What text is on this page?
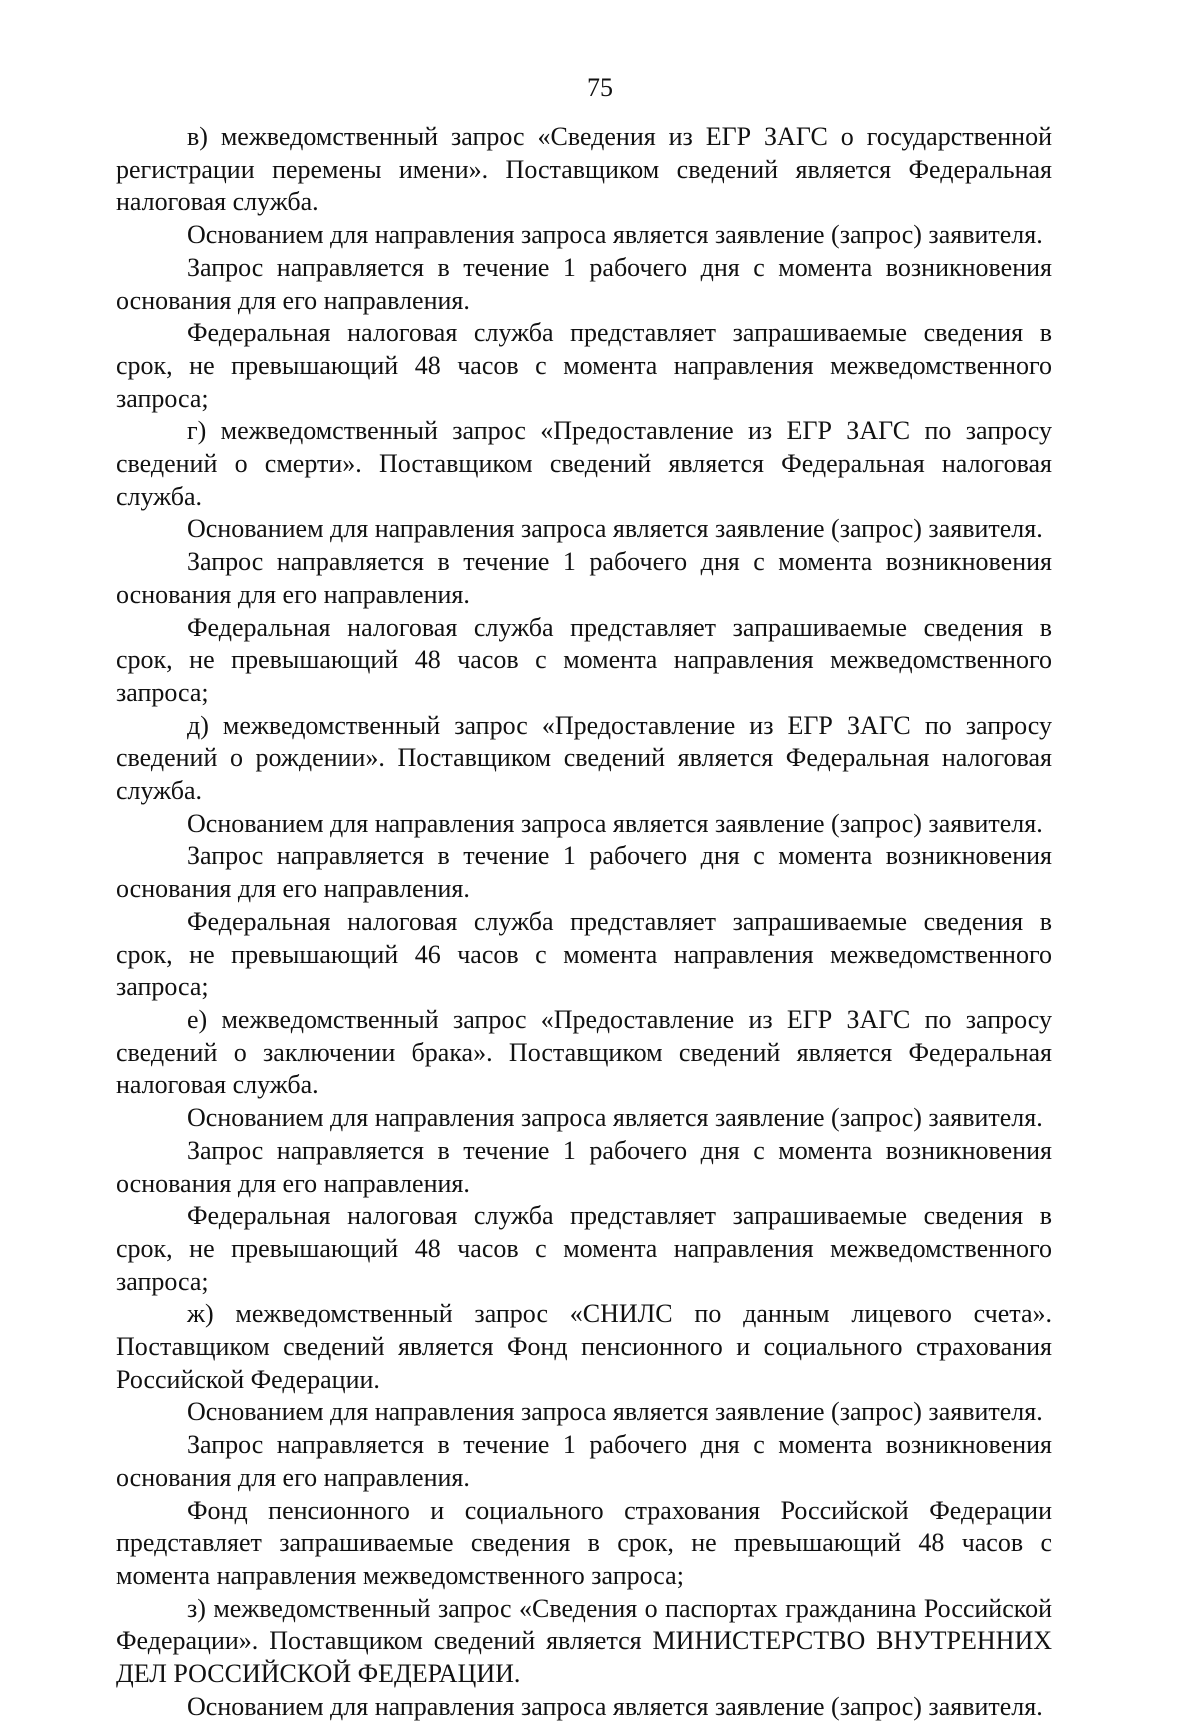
75

в) межведомственный запрос «Сведения из ЕГР ЗАГС о государственной регистрации перемены имени». Поставщиком сведений является Федеральная налоговая служба.

Основанием для направления запроса является заявление (запрос) заявителя.

Запрос направляется в течение 1 рабочего дня с момента возникновения основания для его направления.

Федеральная налоговая служба представляет запрашиваемые сведения в срок, не превышающий 48 часов с момента направления межведомственного запроса;

г) межведомственный запрос «Предоставление из ЕГР ЗАГС по запросу сведений о смерти». Поставщиком сведений является Федеральная налоговая служба.

Основанием для направления запроса является заявление (запрос) заявителя.

Запрос направляется в течение 1 рабочего дня с момента возникновения основания для его направления.

Федеральная налоговая служба представляет запрашиваемые сведения в срок, не превышающий 48 часов с момента направления межведомственного запроса;

д) межведомственный запрос «Предоставление из ЕГР ЗАГС по запросу сведений о рождении». Поставщиком сведений является Федеральная налоговая служба.

Основанием для направления запроса является заявление (запрос) заявителя.

Запрос направляется в течение 1 рабочего дня с момента возникновения основания для его направления.

Федеральная налоговая служба представляет запрашиваемые сведения в срок, не превышающий 46 часов с момента направления межведомственного запроса;

е) межведомственный запрос «Предоставление из ЕГР ЗАГС по запросу сведений о заключении брака». Поставщиком сведений является Федеральная налоговая служба.

Основанием для направления запроса является заявление (запрос) заявителя.

Запрос направляется в течение 1 рабочего дня с момента возникновения основания для его направления.

Федеральная налоговая служба представляет запрашиваемые сведения в срок, не превышающий 48 часов с момента направления межведомственного запроса;

ж) межведомственный запрос «СНИЛС по данным лицевого счета». Поставщиком сведений является Фонд пенсионного и социального страхования Российской Федерации.

Основанием для направления запроса является заявление (запрос) заявителя.

Запрос направляется в течение 1 рабочего дня с момента возникновения основания для его направления.

Фонд пенсионного и социального страхования Российской Федерации представляет запрашиваемые сведения в срок, не превышающий 48 часов с момента направления межведомственного запроса;

з) межведомственный запрос «Сведения о паспортах гражданина Российской Федерации». Поставщиком сведений является МИНИСТЕРСТВО ВНУТРЕННИХ ДЕЛ РОССИЙСКОЙ ФЕДЕРАЦИИ.

Основанием для направления запроса является заявление (запрос) заявителя.
